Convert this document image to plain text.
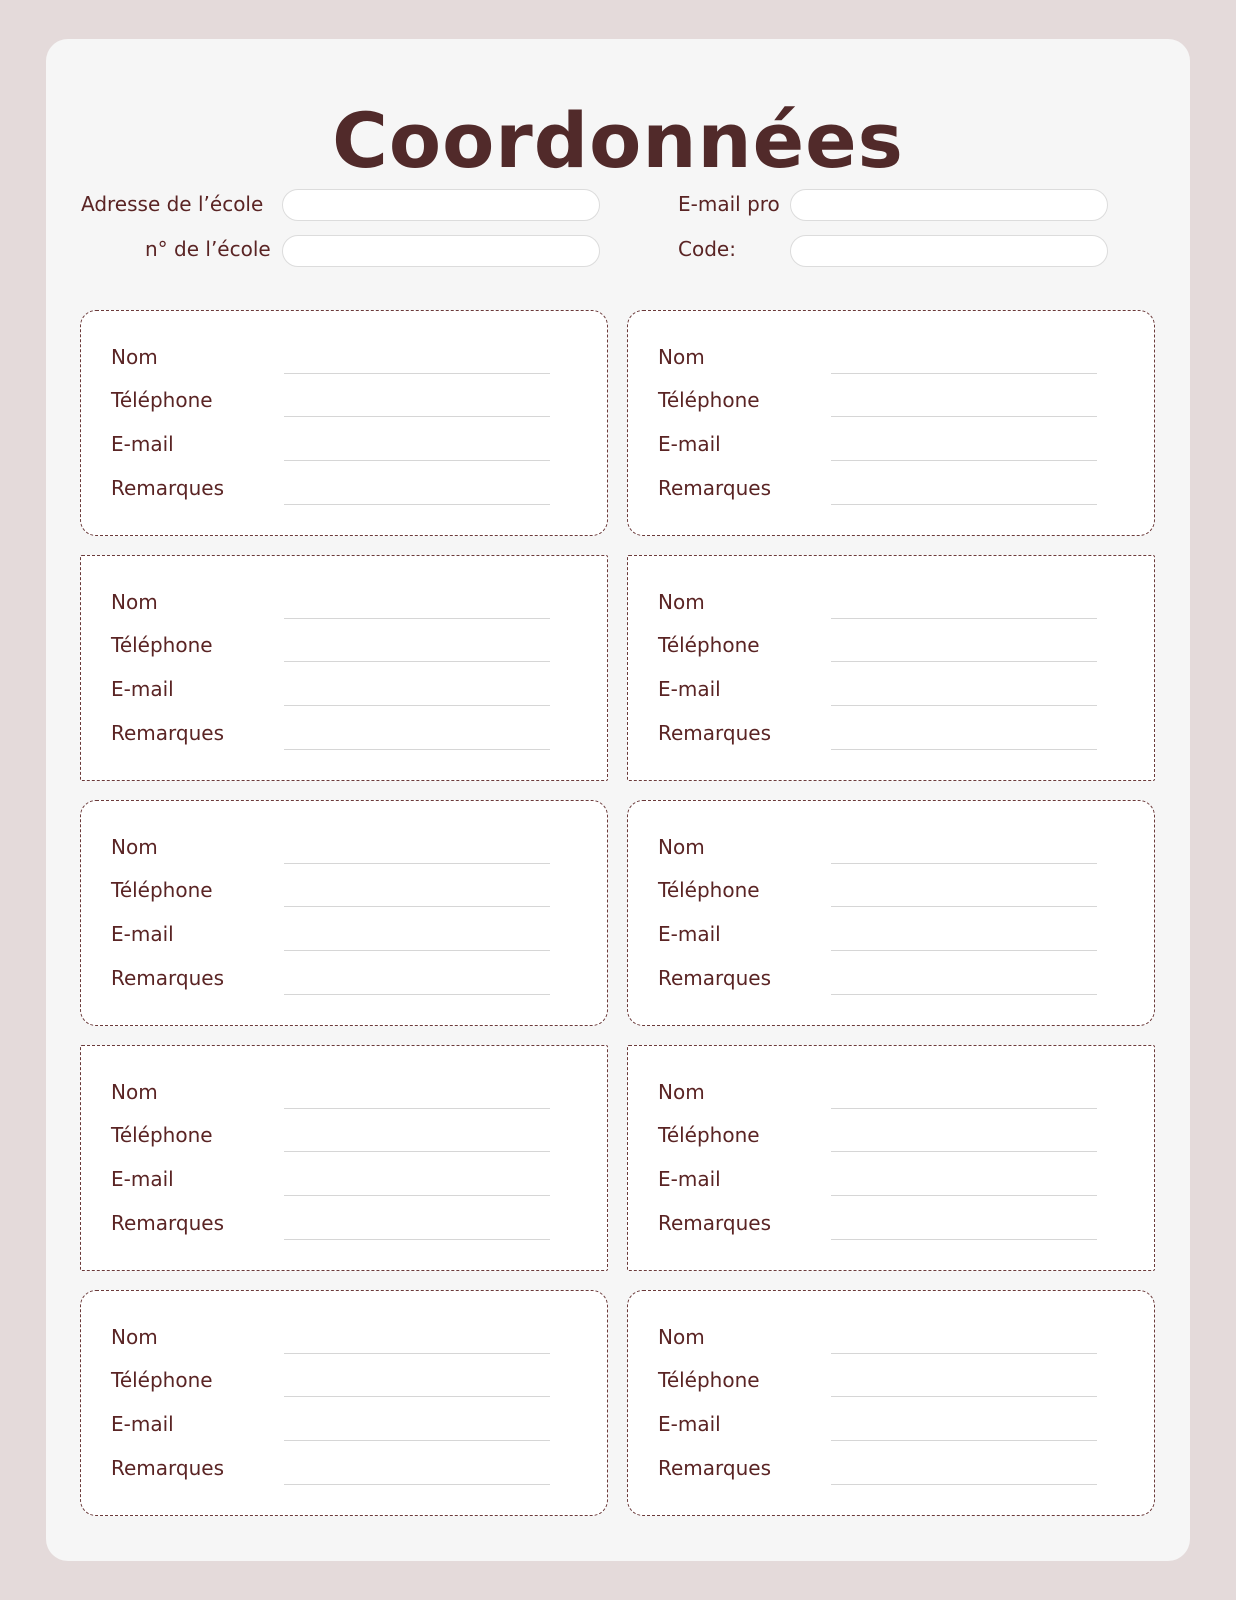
Coordonnées
Adresse de l’école
n° de l’école
E-mail pro
Code:
Nom
Téléphone
E-mail
Remarques
Nom
Téléphone
E-mail
Remarques
Nom
Téléphone
E-mail
Remarques
Nom
Téléphone
E-mail
Remarques
Nom
Téléphone
E-mail
Remarques
Nom
Téléphone
E-mail
Remarques
Nom
Téléphone
E-mail
Remarques
Nom
Téléphone
E-mail
Remarques
Nom
Téléphone
E-mail
Remarques
Nom
Téléphone
E-mail
Remarques
